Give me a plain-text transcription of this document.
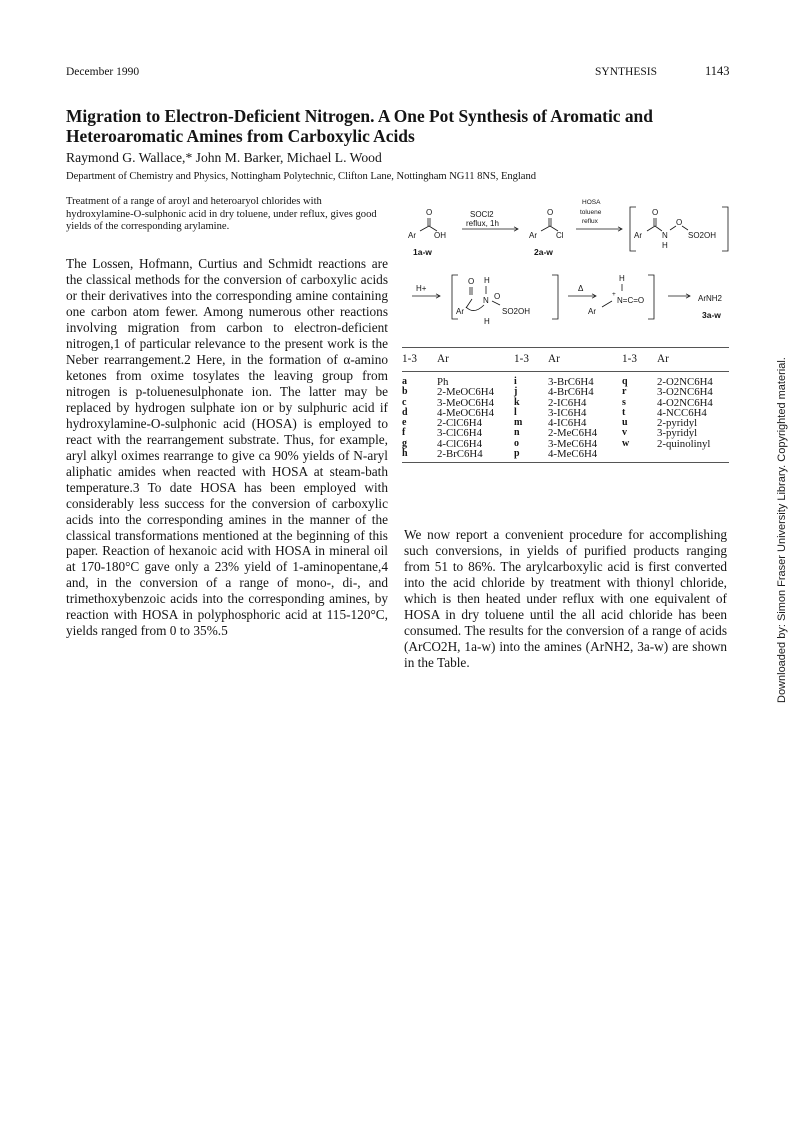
December 1990	SYNTHESIS	1143
Migration to Electron-Deficient Nitrogen. A One Pot Synthesis of Aromatic and
Heteroaromatic Amines from Carboxylic Acids
Raymond G. Wallace,* John M. Barker, Michael L. Wood
Department of Chemistry and Physics, Nottingham Polytechnic, Clifton Lane, Nottingham NG11 8NS, England

Treatment of a range of aroyl and heteroaryol chlorides with hydroxylamine-O-sulphonic acid in dry toluene, under reflux, gives good yields of the corresponding arylamine.

The Lossen, Hofmann, Curtius and Schmidt reactions are the classical methods for the conversion of carboxylic acids or their derivatives into the corresponding amine containing one carbon atom fewer. Among numerous other reactions involving migration from carbon to electron-deficient nitrogen,1 of particular relevance to the present work is the Neber rearrangement.2 Here, in the formation of α-amino ketones from oxime tosylates the leaving group from nitrogen is p-toluenesulphonate ion. The latter may be replaced by hydrogen sulphate ion or by sulphuric acid if hydroxylamine-O-sulphonic acid (HOSA) is employed to react with the rearrangement substrate. Thus, for example, aryl alkyl oximes rearrange to give ca 90% yields of N-aryl aliphatic amides when reacted with HOSA at steam-bath temperature.3 To date HOSA has been employed with considerably less success for the conversion of carboxylic acids into the corresponding amines in the manner of the classical transformations mentioned at the beginning of this paper. Reaction of hexanoic acid with HOSA in mineral oil at 170-180°C gave only a 23% yield of 1-aminopentane,4 and, in the conversion of a range of mono-, di-, and trimethoxybenzoic acids into the corresponding amines, by reaction with HOSA in polyphosphoric acid at 115-120°C, yields ranged from 0 to 35%.5

O
Ar OH
1a-w
SOCl2
reflux, 1h
O
Ar Cl
2a-w
HOSA
toluene
reflux
O
Ar	N
O
SO2OH
H
H+
O H
Ar
N O
SO2OH
H
Δ
H
+
N=C=O
Ar
ArNH2
3a-w
1-3 Ar	1-3 Ar	1-3 Ar
a	Ph	i	3-BrC6H4	q	2-O2NC6H4
b	2-MeOC6H4 j	4-BrC6H4	r	3-O2NC6H4
c	3-MeOC6H4 k	2-IC6H4	s	4-O2NC6H4
d	4-MeOC6H4 l	3-IC6H4	t	4-NCC6H4
e	2-ClC6H4	m 4-IC6H4	u	2-pyridyl
f	3-ClC6H4	n	2-MeC6H4 v	3-pyridyl
g	4-ClC6H4	o	3-MeC6H4 w	2-quinolinyl
h	2-BrC6H4	p	4-MeC6H4

We now report a convenient procedure for accomplishing such conversions, in yields of purified products ranging from 51 to 86%. The arylcarboxylic acid is first converted into the acid chloride by treatment with thionyl chloride, which is then heated under reflux with one equivalent of HOSA in dry toluene until the all acid chloride has been consumed. The results for the conversion of a range of acids (ArCO2H, 1a-w) into the amines (ArNH2, 3a-w) are shown in the Table.	Downloaded by: Simon Fraser University Library. Copyrighted material.
